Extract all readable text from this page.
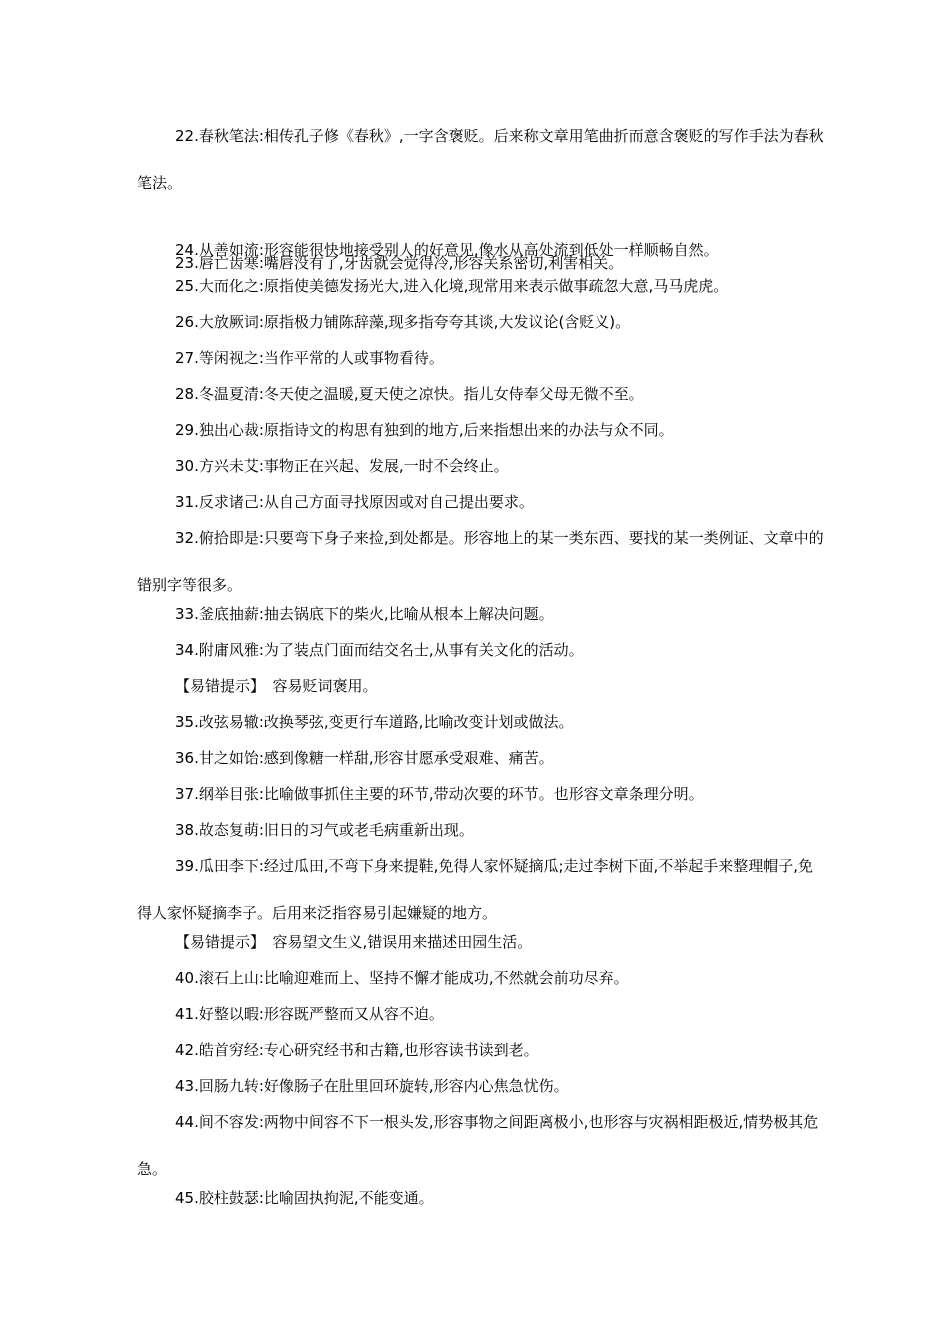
22.春秋笔法:相传孔子修《春秋》,一字含褒贬。后来称文章用笔曲折而意含褒贬的写作手法为春秋笔法。

23.唇亡齿寒:嘴唇没有了,牙齿就会觉得冷,形容关系密切,利害相关。

24.从善如流:形容能很快地接受别人的好意见,像水从高处流到低处一样顺畅自然。

25.大而化之:原指使美德发扬光大,进入化境,现常用来表示做事疏忽大意,马马虎虎。

26.大放厥词:原指极力铺陈辞藻,现多指夸夸其谈,大发议论(含贬义)。

27.等闲视之:当作平常的人或事物看待。

28.冬温夏清:冬天使之温暖,夏天使之凉快。指儿女侍奉父母无微不至。

29.独出心裁:原指诗文的构思有独到的地方,后来指想出来的办法与众不同。

30.方兴未艾:事物正在兴起、发展,一时不会终止。

31.反求诸己:从自己方面寻找原因或对自己提出要求。

32.俯拾即是:只要弯下身子来捡,到处都是。形容地上的某一类东西、要找的某一类例证、文章中的错别字等很多。

33.釜底抽薪:抽去锅底下的柴火,比喻从根本上解决问题。

34.附庸风雅:为了装点门面而结交名士,从事有关文化的活动。

【易错提示】　容易贬词褒用。

35.改弦易辙:改换琴弦,变更行车道路,比喻改变计划或做法。

36.甘之如饴:感到像糖一样甜,形容甘愿承受艰难、痛苦。

37.纲举目张:比喻做事抓住主要的环节,带动次要的环节。也形容文章条理分明。

38.故态复萌:旧日的习气或老毛病重新出现。

39.瓜田李下:经过瓜田,不弯下身来提鞋,免得人家怀疑摘瓜;走过李树下面,不举起手来整理帽子,免得人家怀疑摘李子。后用来泛指容易引起嫌疑的地方。

【易错提示】　容易望文生义,错误用来描述田园生活。

40.滚石上山:比喻迎难而上、坚持不懈才能成功,不然就会前功尽弃。

41.好整以暇:形容既严整而又从容不迫。

42.皓首穷经:专心研究经书和古籍,也形容读书读到老。

43.回肠九转:好像肠子在肚里回环旋转,形容内心焦急忧伤。

44.间不容发:两物中间容不下一根头发,形容事物之间距离极小,也形容与灾祸相距极近,情势极其危急。

45.胶柱鼓瑟:比喻固执拘泥,不能变通。
